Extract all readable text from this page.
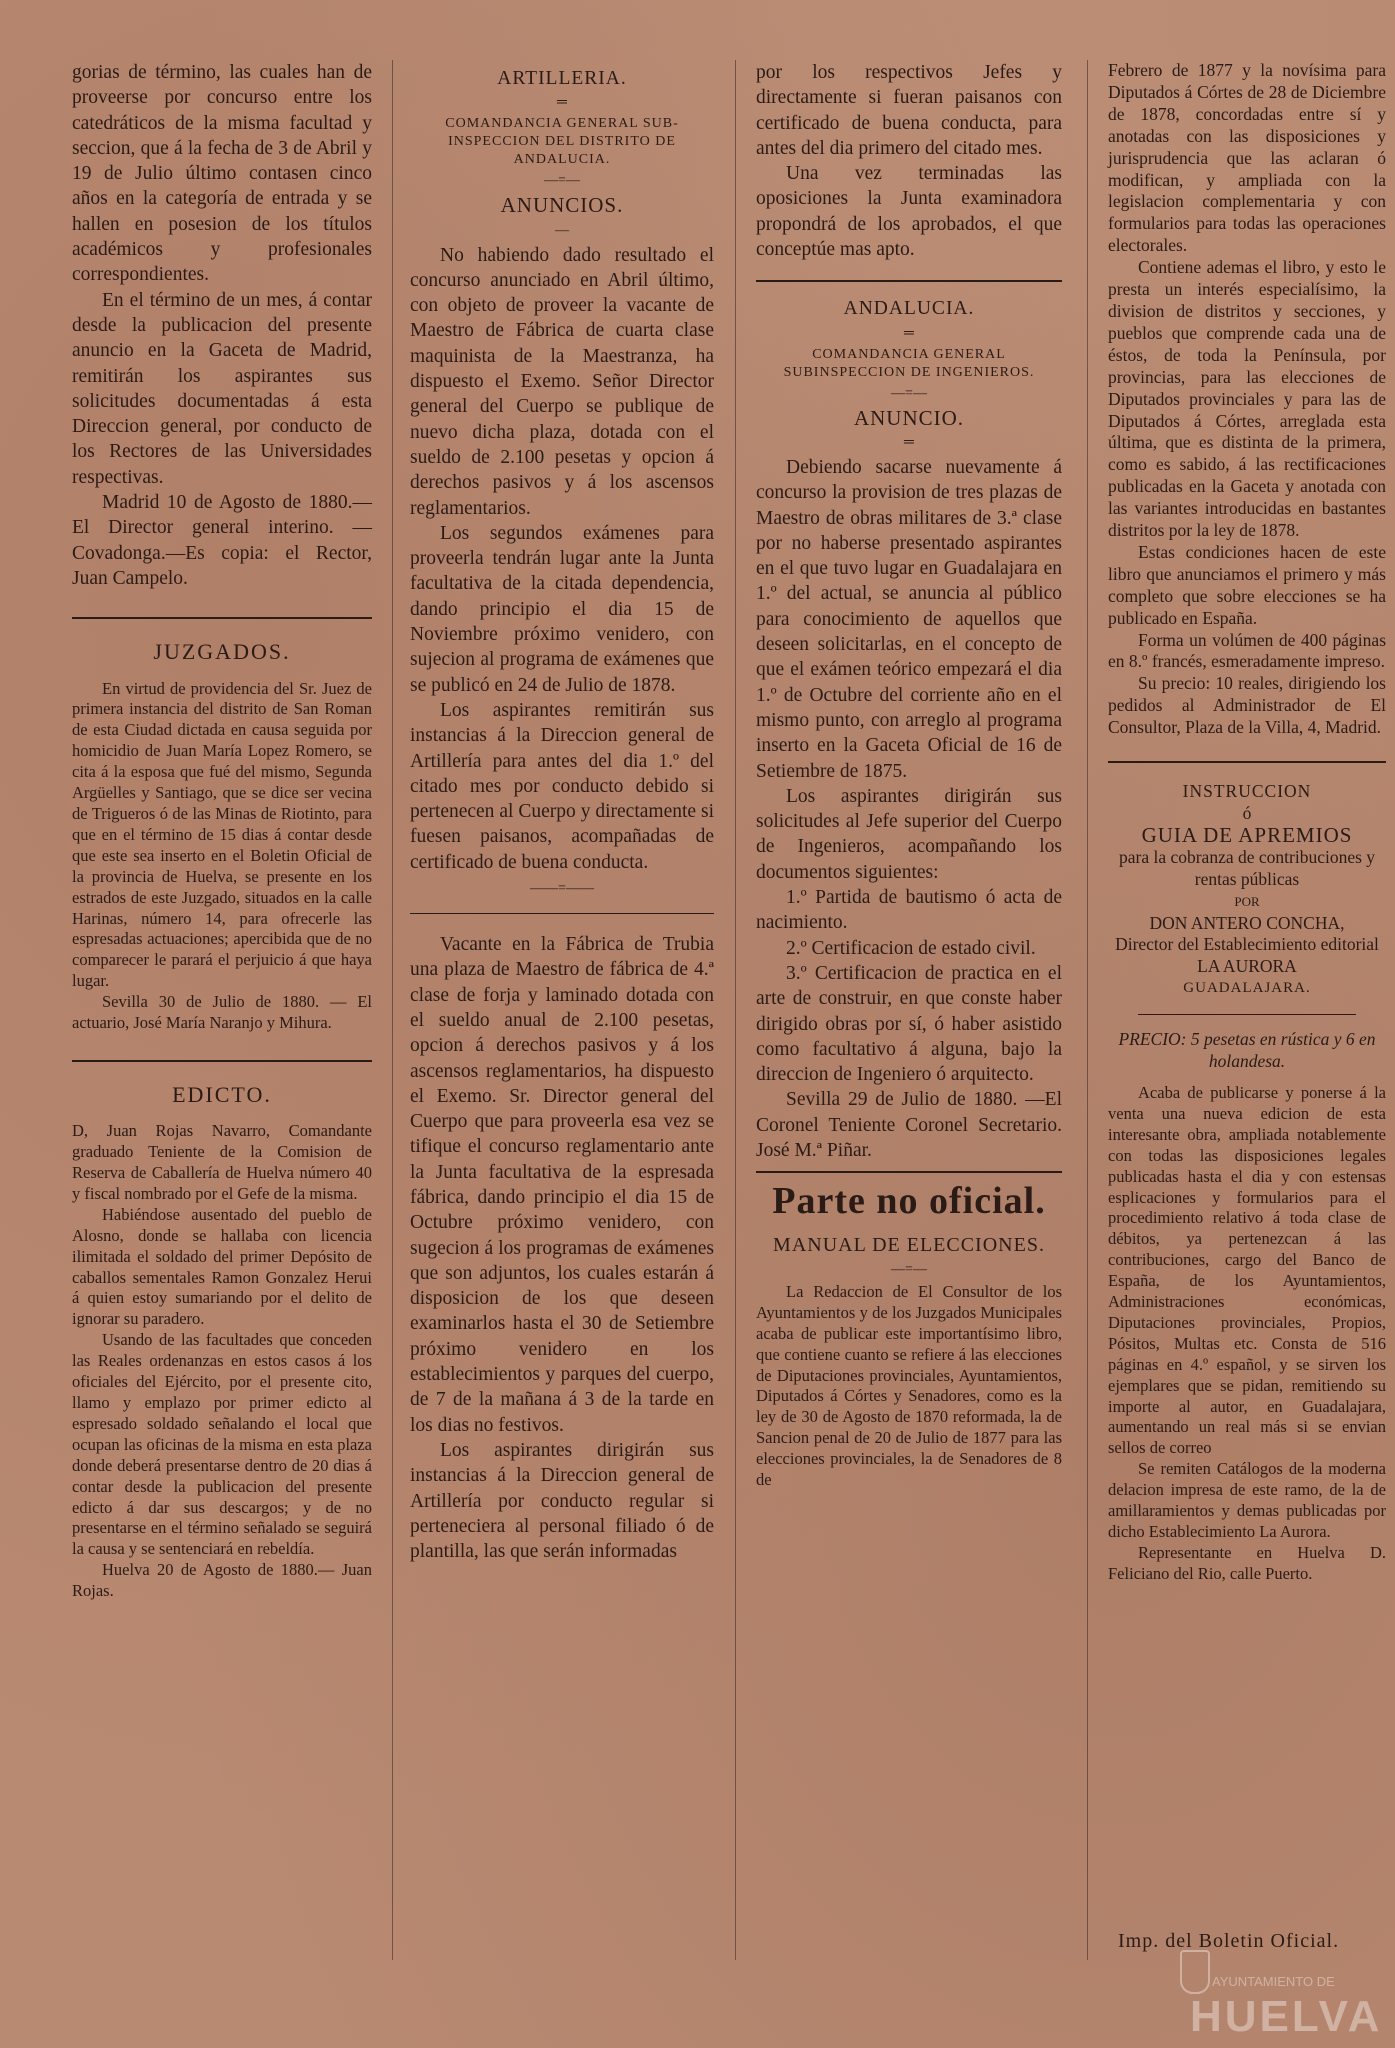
gorias de término, las cuales han de proveerse por concurso entre los catedráticos de la misma facultad y seccion, que á la fecha de 3 de Abril y 19 de Julio último contasen cinco años en la categoría de entrada y se hallen en posesion de los títulos académicos y profesionales correspondientes.

En el término de un mes, á contar desde la publicacion del presente anuncio en la Gaceta de Madrid, remitirán los aspirantes sus solicitudes documentadas á esta Direccion general, por conducto de los Rectores de las Universidades respectivas.

Madrid 10 de Agosto de 1880.—El Director general interino. — Covadonga.—Es copia: el Rector, Juan Campelo.

JUZGADOS.

En virtud de providencia del Sr. Juez de primera instancia del distrito de San Roman de esta Ciudad dictada en causa seguida por homicidio de Juan María Lopez Romero, se cita á la esposa que fué del mismo, Segunda Argüelles y Santiago, que se dice ser vecina de Trigueros ó de las Minas de Riotinto, para que en el término de 15 dias á contar desde que este sea inserto en el Boletin Oficial de la provincia de Huelva, se presente en los estrados de este Juzgado, situados en la calle Harinas, número 14, para ofrecerle las espresadas actuaciones; apercibida que de no comparecer le parará el perjuicio á que haya lugar.

Sevilla 30 de Julio de 1880. — El actuario, José María Naranjo y Mihura.

EDICTO.

D, Juan Rojas Navarro, Comandante graduado Teniente de la Comision de Reserva de Caballería de Huelva número 40 y fiscal nombrado por el Gefe de la misma.

Habiéndose ausentado del pueblo de Alosno, donde se hallaba con licencia ilimitada el soldado del primer Depósito de caballos sementales Ramon Gonzalez Herui á quien estoy sumariando por el delito de ignorar su paradero.

Usando de las facultades que conceden las Reales ordenanzas en estos casos á los oficiales del Ejército, por el presente cito, llamo y emplazo por primer edicto al espresado soldado señalando el local que ocupan las oficinas de la misma en esta plaza donde deberá presentarse dentro de 20 dias á contar desde la publicacion del presente edicto á dar sus descargos; y de no presentarse en el término señalado se seguirá la causa y se sentenciará en rebeldía.

Huelva 20 de Agosto de 1880.— Juan Rojas.

ARTILLERIA.

═

COMANDANCIA GENERAL SUB-INSPECCION DEL DISTRITO DE ANDALUCIA.

—=—

ANUNCIOS.

—

No habiendo dado resultado el concurso anunciado en Abril último, con objeto de proveer la vacante de Maestro de Fábrica de cuarta clase maquinista de la Maestranza, ha dispuesto el Exemo. Señor Director general del Cuerpo se publique de nuevo dicha plaza, dotada con el sueldo de 2.100 pesetas y opcion á derechos pasivos y á los ascensos reglamentarios.

Los segundos exámenes para proveerla tendrán lugar ante la Junta facultativa de la citada dependencia, dando principio el dia 15 de Noviembre próximo venidero, con sujecion al programa de exámenes que se publicó en 24 de Julio de 1878.

Los aspirantes remitirán sus instancias á la Direccion general de Artillería para antes del dia 1.º del citado mes por conducto debido si pertenecen al Cuerpo y directamente si fuesen paisanos, acompañadas de certificado de buena conducta.

——=——

Vacante en la Fábrica de Trubia una plaza de Maestro de fábrica de 4.ª clase de forja y laminado dotada con el sueldo anual de 2.100 pesetas, opcion á derechos pasivos y á los ascensos reglamentarios, ha dispuesto el Exemo. Sr. Director general del Cuerpo que para proveerla esa vez se tifique el concurso reglamentario ante la Junta facultativa de la espresada fábrica, dando principio el dia 15 de Octubre próximo venidero, con sugecion á los programas de exámenes que son adjuntos, los cuales estarán á disposicion de los que deseen examinarlos hasta el 30 de Setiembre próximo venidero en los establecimientos y parques del cuerpo, de 7 de la mañana á 3 de la tarde en los dias no festivos.

Los aspirantes dirigirán sus instancias á la Direccion general de Artillería por conducto regular si perteneciera al personal filiado ó de plantilla, las que serán informadas

por los respectivos Jefes y directamente si fueran paisanos con certificado de buena conducta, para antes del dia primero del citado mes.

Una vez terminadas las oposiciones la Junta examinadora propondrá de los aprobados, el que conceptúe mas apto.

ANDALUCIA.

═

COMANDANCIA GENERAL SUBINSPECCION DE INGENIEROS.

—=—

ANUNCIO.

═

Debiendo sacarse nuevamente á concurso la provision de tres plazas de Maestro de obras militares de 3.ª clase por no haberse presentado aspirantes en el que tuvo lugar en Guadalajara en 1.º del actual, se anuncia al público para conocimiento de aquellos que deseen solicitarlas, en el concepto de que el exámen teórico empezará el dia 1.º de Octubre del corriente año en el mismo punto, con arreglo al programa inserto en la Gaceta Oficial de 16 de Setiembre de 1875.

Los aspirantes dirigirán sus solicitudes al Jefe superior del Cuerpo de Ingenieros, acompañando los documentos siguientes:

1.º Partida de bautismo ó acta de nacimiento.

2.º Certificacion de estado civil.

3.º Certificacion de practica en el arte de construir, en que conste haber dirigido obras por sí, ó haber asistido como facultativo á alguna, bajo la direccion de Ingeniero ó arquitecto.

Sevilla 29 de Julio de 1880. —El Coronel Teniente Coronel Secretario. José M.ª Piñar.

Parte no oficial.

MANUAL DE ELECCIONES.

—=—

La Redaccion de El Consultor de los Ayuntamientos y de los Juzgados Municipales acaba de publicar este importantísimo libro, que contiene cuanto se refiere á las elecciones de Diputaciones provinciales, Ayuntamientos, Diputados á Córtes y Senadores, como es la ley de 30 de Agosto de 1870 reformada, la de Sancion penal de 20 de Julio de 1877 para las elecciones provinciales, la de Senadores de 8 de

Febrero de 1877 y la novísima para Diputados á Córtes de 28 de Diciembre de 1878, concordadas entre sí y anotadas con las disposiciones y jurisprudencia que las aclaran ó modifican, y ampliada con la legislacion complementaria y con formularios para todas las operaciones electorales.

Contiene ademas el libro, y esto le presta un interés especialísimo, la division de distritos y secciones, y pueblos que comprende cada una de éstos, de toda la Península, por provincias, para las elecciones de Diputados provinciales y para las de Diputados á Córtes, arreglada esta última, que es distinta de la primera, como es sabido, á las rectificaciones publicadas en la Gaceta y anotada con las variantes introducidas en bastantes distritos por la ley de 1878.

Estas condiciones hacen de este libro que anunciamos el primero y más completo que sobre elecciones se ha publicado en España.

Forma un volúmen de 400 páginas en 8.º francés, esmeradamente impreso.

Su precio: 10 reales, dirigiendo los pedidos al Administrador de El Consultor, Plaza de la Villa, 4, Madrid.

INSTRUCCION

ó

GUIA DE APREMIOS

para la cobranza de contribuciones y rentas públicas

POR

DON ANTERO CONCHA,

Director del Establecimiento editorial LA AURORA

GUADALAJARA.

PRECIO: 5 pesetas en rústica y 6 en holandesa.

Acaba de publicarse y ponerse á la venta una nueva edicion de esta interesante obra, ampliada notablemente con todas las disposiciones legales publicadas hasta el dia y con estensas esplicaciones y formularios para el procedimiento relativo á toda clase de débitos, ya pertenezcan á las contribuciones, cargo del Banco de España, de los Ayuntamientos, Administraciones económicas, Diputaciones provinciales, Propios, Pósitos, Multas etc. Consta de 516 páginas en 4.º español, y se sirven los ejemplares que se pidan, remitiendo su importe al autor, en Guadalajara, aumentando un real más si se envian sellos de correo

Se remiten Catálogos de la moderna delacion impresa de este ramo, de la de amillaramientos y demas publicadas por dicho Establecimiento La Aurora.

Representante en Huelva D. Feliciano del Rio, calle Puerto.

Imp. del Boletin Oficial.
AYUNTAMIENTO DE
HUELVA
